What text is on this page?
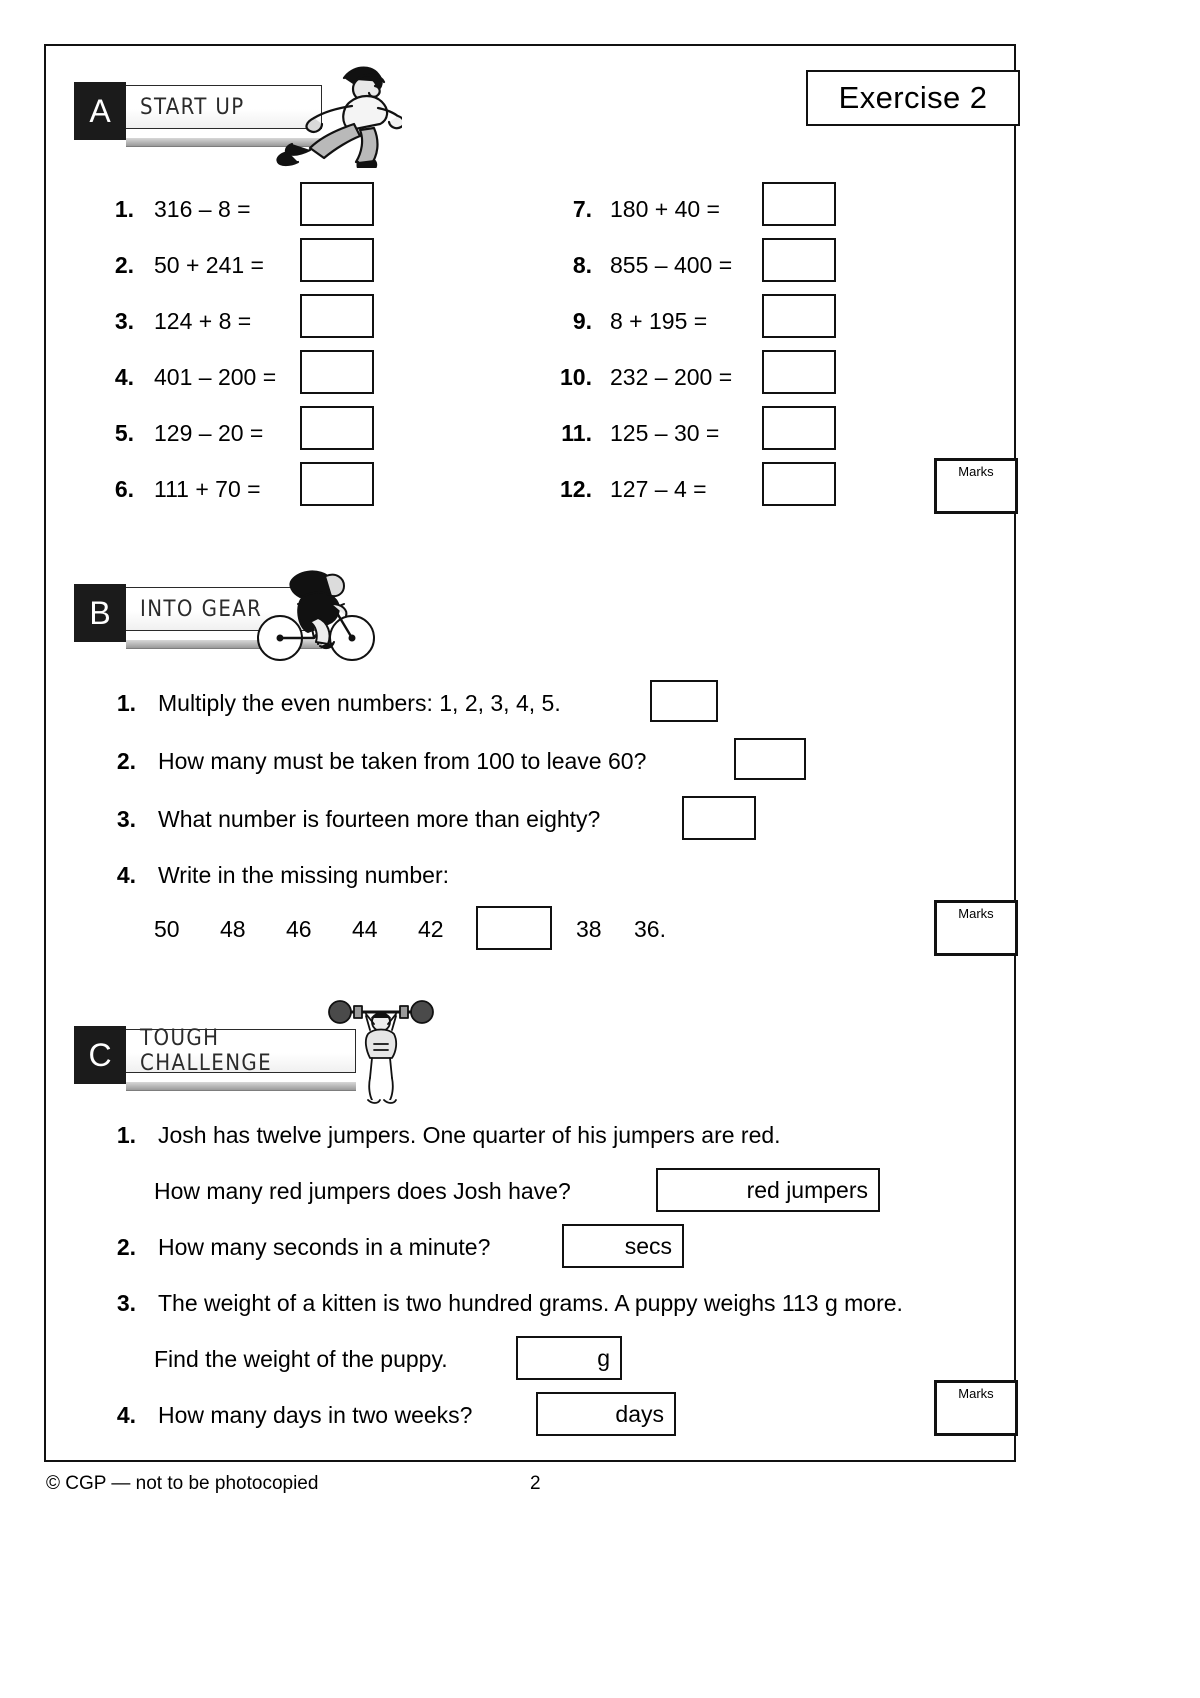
Exercise 2
A	START UP
1. 316 – 8 =
2. 50 + 241 =
3. 124 + 8 =
4. 401 – 200 =
5. 129 – 20 =
6. 111 + 70 =
7. 180 + 40 =
8. 855 – 400 =
9. 8 + 195 =
10. 232 – 200 =
11. 125 – 30 =
12. 127 – 4 =
Marks
B	INTO GEAR
1. Multiply the even numbers: 1, 2, 3, 4, 5.
2. How many must be taken from 100 to leave 60?
3. What number is fourteen more than eighty?
4. Write in the missing number:
50	48	46	44	42	38	36.
Marks
C	TOUGH CHALLENGE
1. Josh has twelve jumpers. One quarter of his jumpers are red.
How many red jumpers does Josh have?	red jumpers
2. How many seconds in a minute?	secs
3. The weight of a kitten is two hundred grams. A puppy weighs 113 g more.
Find the weight of the puppy.	g
4. How many days in two weeks?	days
Marks
© CGP — not to be photocopied	2
